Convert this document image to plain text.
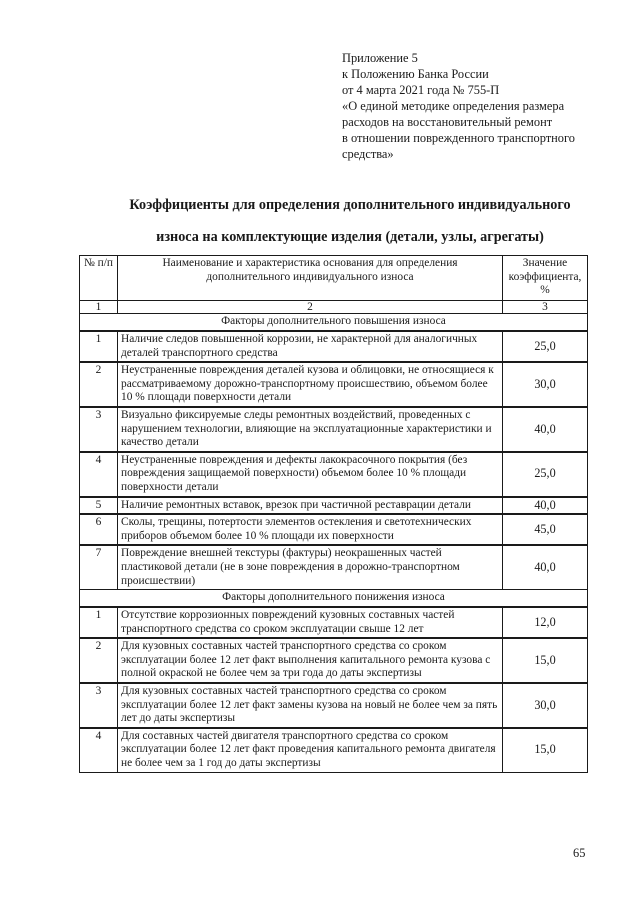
Приложение 5
к Положению Банка России
от 4 марта 2021 года № 755-П
«О единой методике определения размера
расходов на восстановительный ремонт
в отношении поврежденного транспортного
средства»
Коэффициенты для определения дополнительного индивидуального
износа на комплектующие изделия (детали, узлы, агрегаты)
№ п/п	Наименование и характеристика основания для определения дополнительного индивидуального износа	Значение коэффициента, %
1	2	3
Факторы дополнительного повышения износа		
1	Наличие следов повышенной коррозии, не характерной для аналогичных деталей транспортного средства	25,0
2	Неустраненные повреждения деталей кузова и облицовки, не относящиеся к рассматриваемому дорожно-транспортному происшествию, объемом более 10 % площади поверхности детали	30,0
3	Визуально фиксируемые следы ремонтных воздействий, проведенных с нарушением технологии, влияющие на эксплуатационные характеристики и качество детали	40,0
4	Неустраненные повреждения и дефекты лакокрасочного покрытия (без повреждения защищаемой поверхности) объемом более 10 % площади поверхности детали	25,0
5	Наличие ремонтных вставок, врезок при частичной реставрации детали	40,0
6	Сколы, трещины, потертости элементов остекления и светотехнических приборов объемом более 10 % площади их поверхности	45,0
7	Повреждение внешней текстуры (фактуры) неокрашенных частей пластиковой детали (не в зоне повреждения в дорожно-транспортном происшествии)	40,0
Факторы дополнительного понижения износа		
1	Отсутствие коррозионных повреждений кузовных составных частей транспортного средства со сроком эксплуатации свыше 12 лет	12,0
2	Для кузовных составных частей транспортного средства со сроком эксплуатации более 12 лет факт выполнения капитального ремонта кузова с полной окраской не более чем за три года до даты экспертизы	15,0
3	Для кузовных составных частей транспортного средства со сроком эксплуатации более 12 лет факт замены кузова на новый не более чем за пять лет до даты экспертизы	30,0
4	Для составных частей двигателя транспортного средства со сроком эксплуатации более 12 лет факт проведения капитального ремонта двигателя не более чем за 1 год до даты экспертизы	15,0
65
